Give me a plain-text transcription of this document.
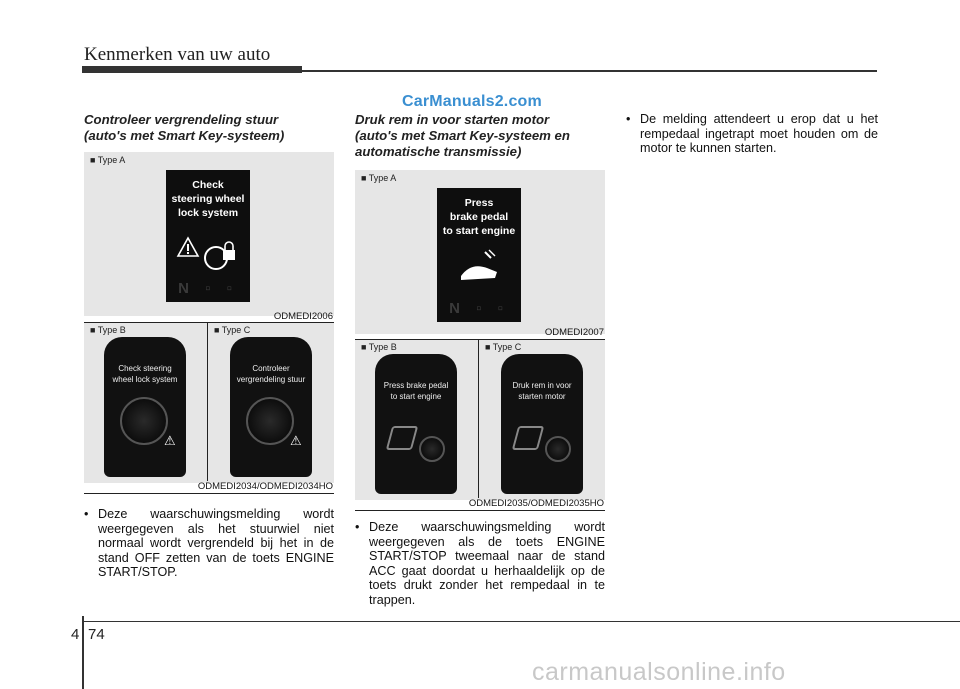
Kenmerken van uw auto
CarManuals2.com
Controleer vergrendeling stuur
(auto's met Smart Key-systeem)
■ Type A
Check
steering wheel
lock system
N ▫ ▫
ODMEDI2006
■ Type B	■ Type C
Check steering
wheel lock system
⚠
Controleer
vergrendeling stuur
⚠
ODMEDI2034/ODMEDI2034HO
• Deze waarschuwingsmelding wordt weergegeven als het stuurwiel niet normaal wordt vergrendeld bij het in de stand OFF zetten van de toets ENGINE START/STOP.
Druk rem in voor starten motor
(auto's met Smart Key-systeem en
automatische transmissie)
■ Type A
Press
brake pedal
to start engine
N ▫ ▫
ODMEDI2007
■ Type B	■ Type C
Press brake pedal
to start engine
Druk rem in voor
starten motor
ODMEDI2035/ODMEDI2035HO
• Deze waarschuwingsmelding wordt weergegeven als de toets ENGINE START/STOP tweemaal naar de stand ACC gaat doordat u herhaaldelijk op de toets drukt zonder het rempedaal in te trappen.
• De melding attendeert u erop dat u het rempedaal ingetrapt moet houden om de motor te kunnen starten.
4 74
carmanualsonline.info
